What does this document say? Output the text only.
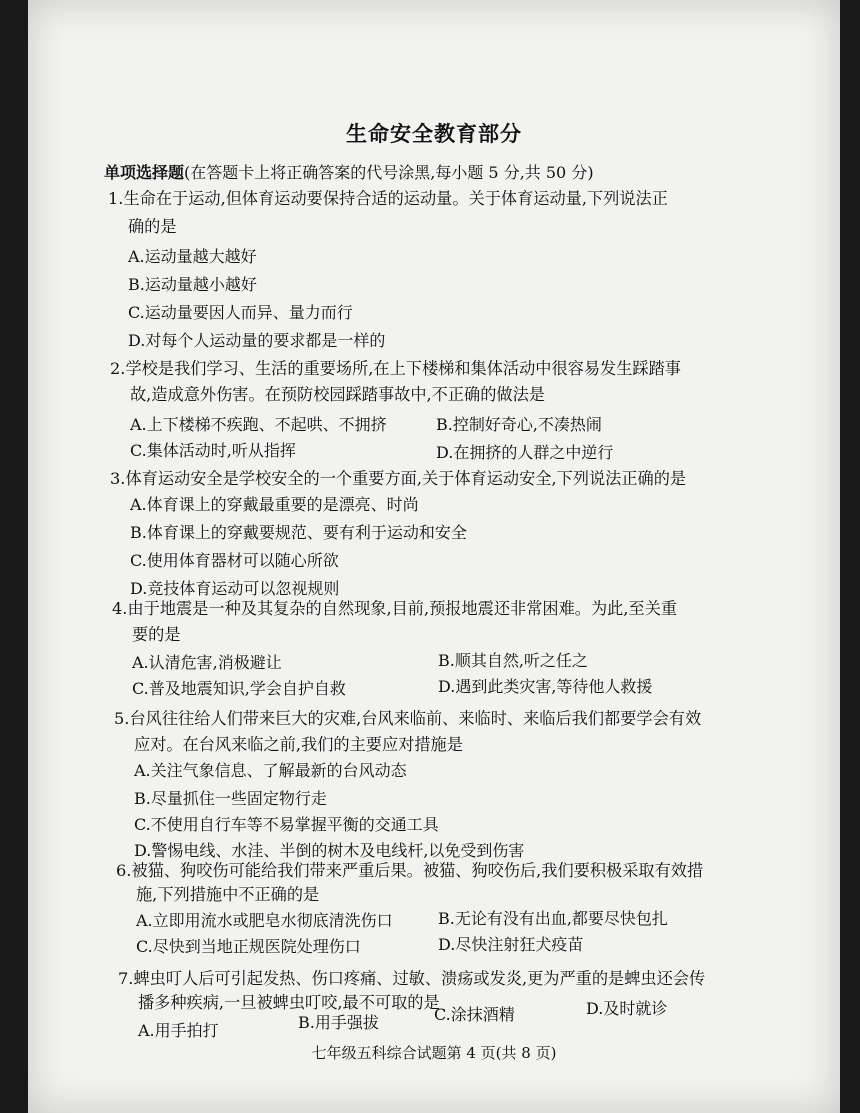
生命安全教育部分
单项选择题(在答题卡上将正确答案的代号涂黑,每小题 5 分,共 50 分)
1.生命在于运动,但体育运动要保持合适的运动量。关于体育运动量,下列说法正
确的是
A.运动量越大越好
B.运动量越小越好
C.运动量要因人而异、量力而行
D.对每个人运动量的要求都是一样的
2.学校是我们学习、生活的重要场所,在上下楼梯和集体活动中很容易发生踩踏事
故,造成意外伤害。在预防校园踩踏事故中,不正确的做法是
A.上下楼梯不疾跑、不起哄、不拥挤	B.控制好奇心,不凑热闹
C.集体活动时,听从指挥	D.在拥挤的人群之中逆行
3.体育运动安全是学校安全的一个重要方面,关于体育运动安全,下列说法正确的是
A.体育课上的穿戴最重要的是漂亮、时尚
B.体育课上的穿戴要规范、要有利于运动和安全
C.使用体育器材可以随心所欲
D.竞技体育运动可以忽视规则
4.由于地震是一种及其复杂的自然现象,目前,预报地震还非常困难。为此,至关重
要的是
A.认清危害,消极避让	B.顺其自然,听之任之
C.普及地震知识,学会自护自救	D.遇到此类灾害,等待他人救援
5.台风往往给人们带来巨大的灾难,台风来临前、来临时、来临后我们都要学会有效
应对。在台风来临之前,我们的主要应对措施是
A.关注气象信息、了解最新的台风动态
B.尽量抓住一些固定物行走
C.不使用自行车等不易掌握平衡的交通工具
D.警惕电线、水洼、半倒的树木及电线杆,以免受到伤害
6.被猫、狗咬伤可能给我们带来严重后果。被猫、狗咬伤后,我们要积极采取有效措
施,下列措施中不正确的是
A.立即用流水或肥皂水彻底清洗伤口	B.无论有没有出血,都要尽快包扎
C.尽快到当地正规医院处理伤口	D.尽快注射狂犬疫苗
7.蜱虫叮人后可引起发热、伤口疼痛、过敏、溃疡或发炎,更为严重的是蜱虫还会传
播多种疾病,一旦被蜱虫叮咬,最不可取的是
A.用手拍打	B.用手强拔	C.涂抹酒精	D.及时就诊
七年级五科综合试题第 4 页(共 8 页)
